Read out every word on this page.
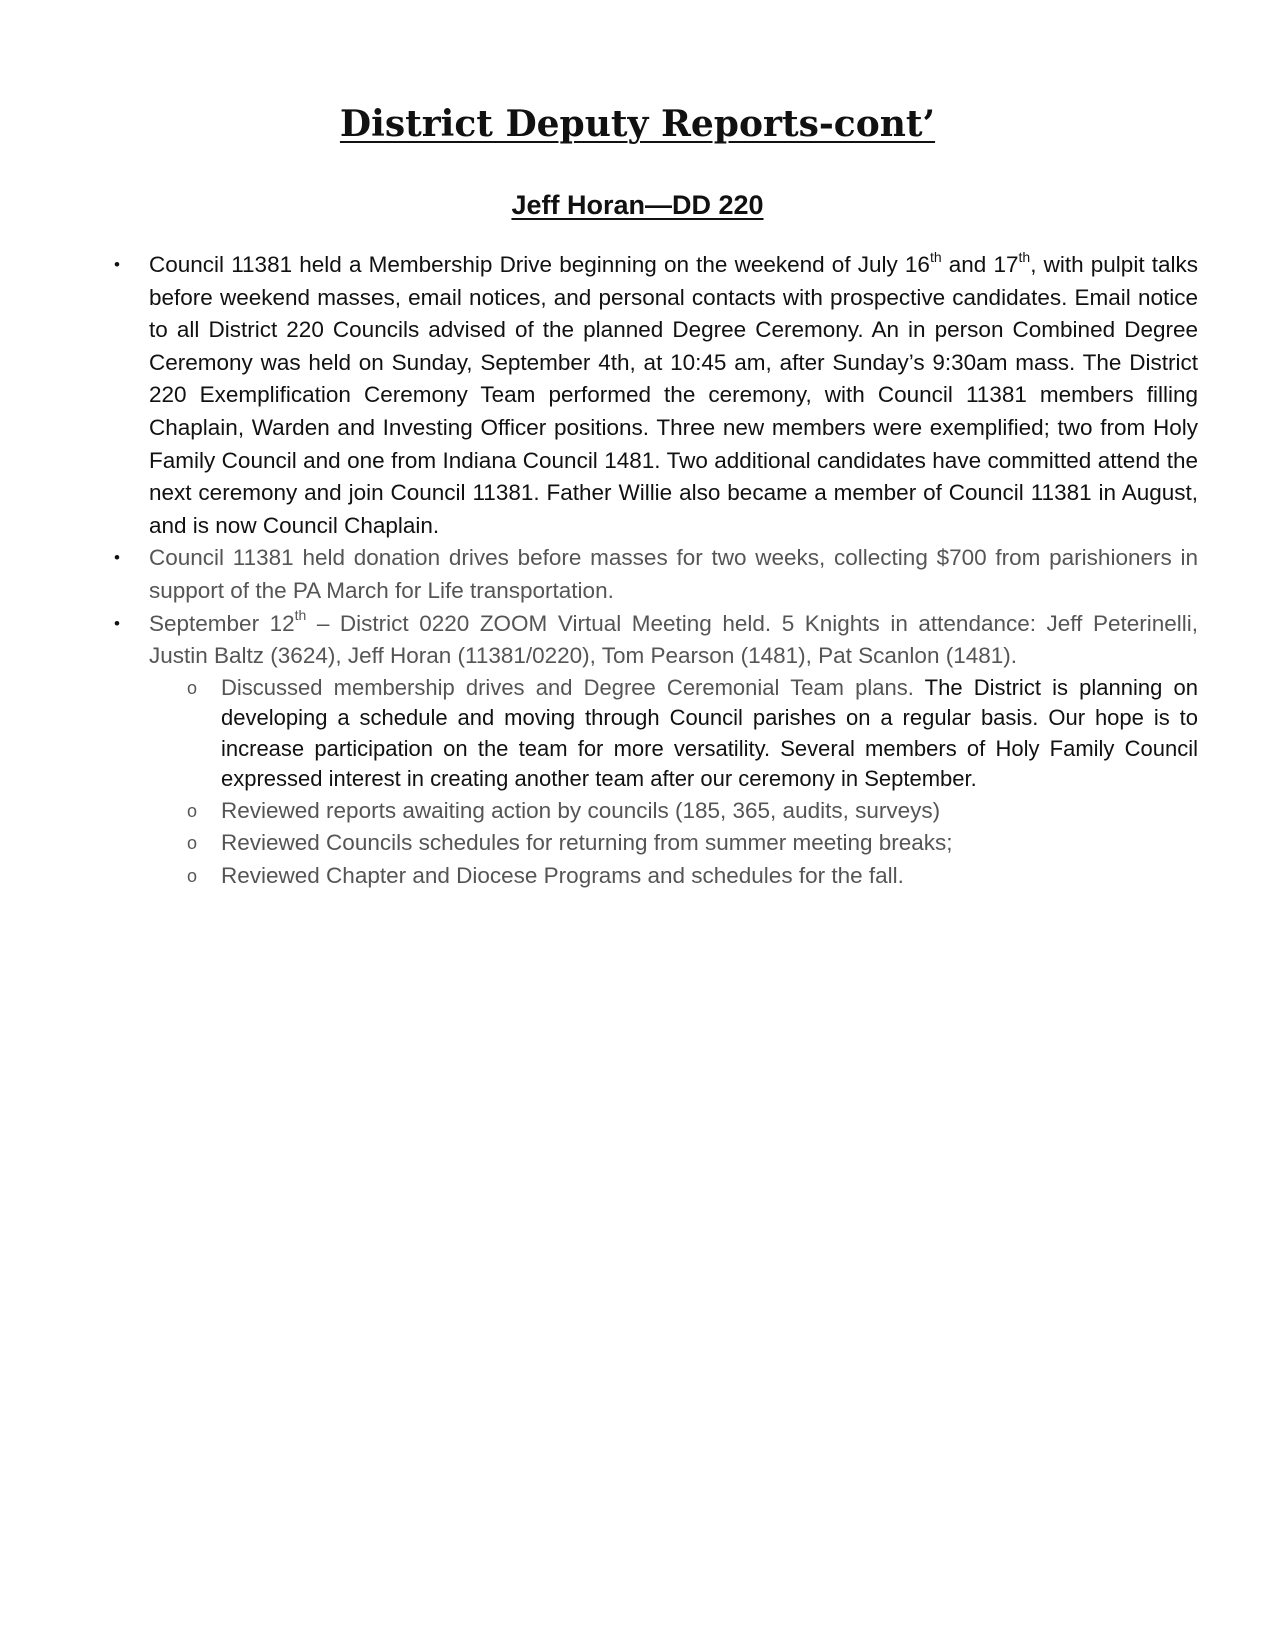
District Deputy Reports-cont’
Jeff Horan—DD 220
•	Council 11381 held a Membership Drive beginning on the weekend of July 16th and 17th, with pulpit talks before weekend masses, email notices, and personal contacts with prospective candidates. Email notice to all District 220 Councils advised of the planned Degree Ceremony. An in person Combined Degree Ceremony was held on Sunday, September 4th, at 10:45 am, after Sunday’s 9:30am mass. The District 220 Exemplification Ceremony Team performed the ceremony, with Council 11381 members filling Chaplain, Warden and Investing Officer positions. Three new members were exemplified; two from Holy Family Council and one from Indiana Council 1481. Two additional candidates have committed attend the next ceremony and join Council 11381. Father Willie also became a member of Council 11381 in August, and is now Council Chaplain.
•	Council 11381 held donation drives before masses for two weeks, collecting $700 from parishioners in support of the PA March for Life transportation.
•	September 12th – District 0220 ZOOM Virtual Meeting held. 5 Knights in attendance: Jeff Peterinelli, Justin Baltz (3624), Jeff Horan (11381/0220), Tom Pearson (1481), Pat Scanlon (1481).
o Discussed membership drives and Degree Ceremonial Team plans. The District is planning on developing a schedule and moving through Council parishes on a regular basis. Our hope is to increase participation on the team for more versatility. Several members of Holy Family Council expressed interest in creating another team after our ceremony in September.
o Reviewed reports awaiting action by councils (185, 365, audits, surveys)
o Reviewed Councils schedules for returning from summer meeting breaks;
o Reviewed Chapter and Diocese Programs and schedules for the fall.
